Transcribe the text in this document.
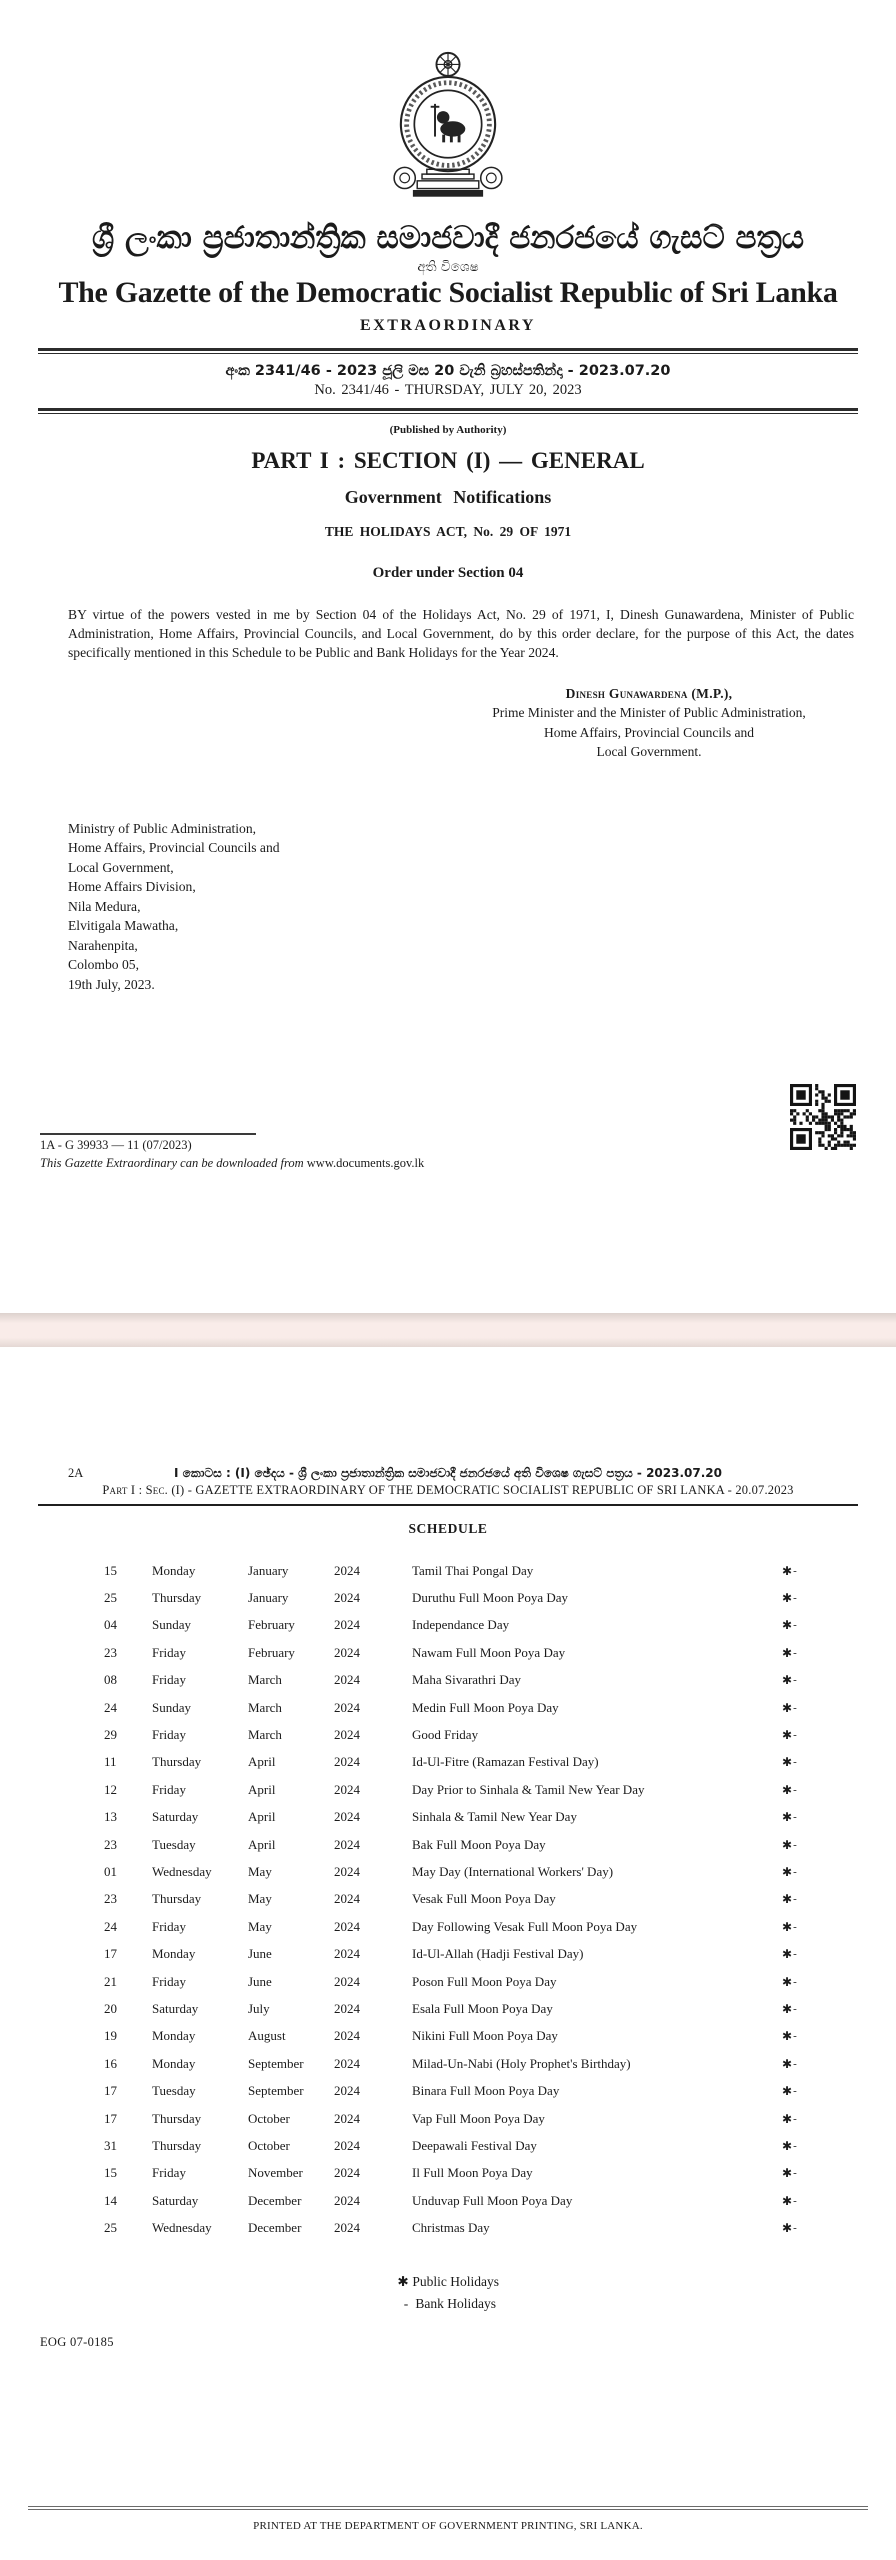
ශ්‍රී ලංකා ප්‍රජාතාන්ත්‍රික සමාජවාදී ජනරජයේ ගැසට් පත්‍රය
අති විශෙෂ
The Gazette of the Democratic Socialist Republic of Sri Lanka
EXTRAORDINARY
අංක 2341/46 - 2023 ජූලි මස 20 වැනි බ්‍රහස්පතින්දා - 2023.07.20
No. 2341/46 - THURSDAY, JULY 20, 2023
(Published by Authority)
PART I : SECTION (I) — GENERAL
Government Notifications
THE HOLIDAYS ACT, No. 29 OF 1971
Order under Section 04

BY virtue of the powers vested in me by Section 04 of the Holidays Act, No. 29 of 1971, I, Dinesh Gunawardena, Minister of Public Administration, Home Affairs, Provincial Councils, and Local Government, do by this order declare, for the purpose of this Act, the dates specifically mentioned in this Schedule to be Public and Bank Holidays for the Year 2024.

Dinesh Gunawardena (M.P.),
Prime Minister and the Minister of Public Administration,
Home Affairs, Provincial Councils and
Local Government.
Ministry of Public Administration,
Home Affairs, Provincial Councils and
Local Government,
Home Affairs Division,
Nila Medura,
Elvitigala Mawatha,
Narahenpita,
Colombo 05,
19th July, 2023.
1A - G 39933 — 11 (07/2023)
This Gazette Extraordinary can be downloaded from www.documents.gov.lk
2A	I කොටස : (I) ඡේදය - ශ්‍රී ලංකා ප්‍රජාතාන්ත්‍රික සමාජවාදී ජනරජයේ අති විශෙෂ ගැසට් පත්‍රය - 2023.07.20
Part I : Sec. (I) - GAZETTE EXTRAORDINARY OF THE DEMOCRATIC SOCIALIST REPUBLIC OF SRI LANKA - 20.07.2023
SCHEDULE
15	Monday	January	2024	Tamil Thai Pongal Day	✱-
25	Thursday	January	2024	Duruthu Full Moon Poya Day	✱-
04	Sunday	February	2024	Independance Day	✱-
23	Friday	February	2024	Nawam Full Moon Poya Day	✱-
08	Friday	March	2024	Maha Sivarathri Day	✱-
24	Sunday	March	2024	Medin Full Moon Poya Day	✱-
29	Friday	March	2024	Good Friday	✱-
11	Thursday	April	2024	Id-Ul-Fitre (Ramazan Festival Day)	✱-
12	Friday	April	2024	Day Prior to Sinhala & Tamil New Year Day	✱-
13	Saturday	April	2024	Sinhala & Tamil New Year Day	✱-
23	Tuesday	April	2024	Bak Full Moon Poya Day	✱-
01	Wednesday	May	2024	May Day (International Workers' Day)	✱-
23	Thursday	May	2024	Vesak Full Moon Poya Day	✱-
24	Friday	May	2024	Day Following Vesak Full Moon Poya Day	✱-
17	Monday	June	2024	Id-Ul-Allah (Hadji Festival Day)	✱-
21	Friday	June	2024	Poson Full Moon Poya Day	✱-
20	Saturday	July	2024	Esala Full Moon Poya Day	✱-
19	Monday	August	2024	Nikini Full Moon Poya Day	✱-
16	Monday	September	2024	Milad-Un-Nabi (Holy Prophet's Birthday)	✱-
17	Tuesday	September	2024	Binara Full Moon Poya Day	✱-
17	Thursday	October	2024	Vap Full Moon Poya Day	✱-
31	Thursday	October	2024	Deepawali Festival Day	✱-
15	Friday	November	2024	Il Full Moon Poya Day	✱-
14	Saturday	December	2024	Unduvap Full Moon Poya Day	✱-
25	Wednesday	December	2024	Christmas Day	✱-
✱ Public Holidays
- Bank Holidays
EOG 07-0185
PRINTED AT THE DEPARTMENT OF GOVERNMENT PRINTING, SRI LANKA.
